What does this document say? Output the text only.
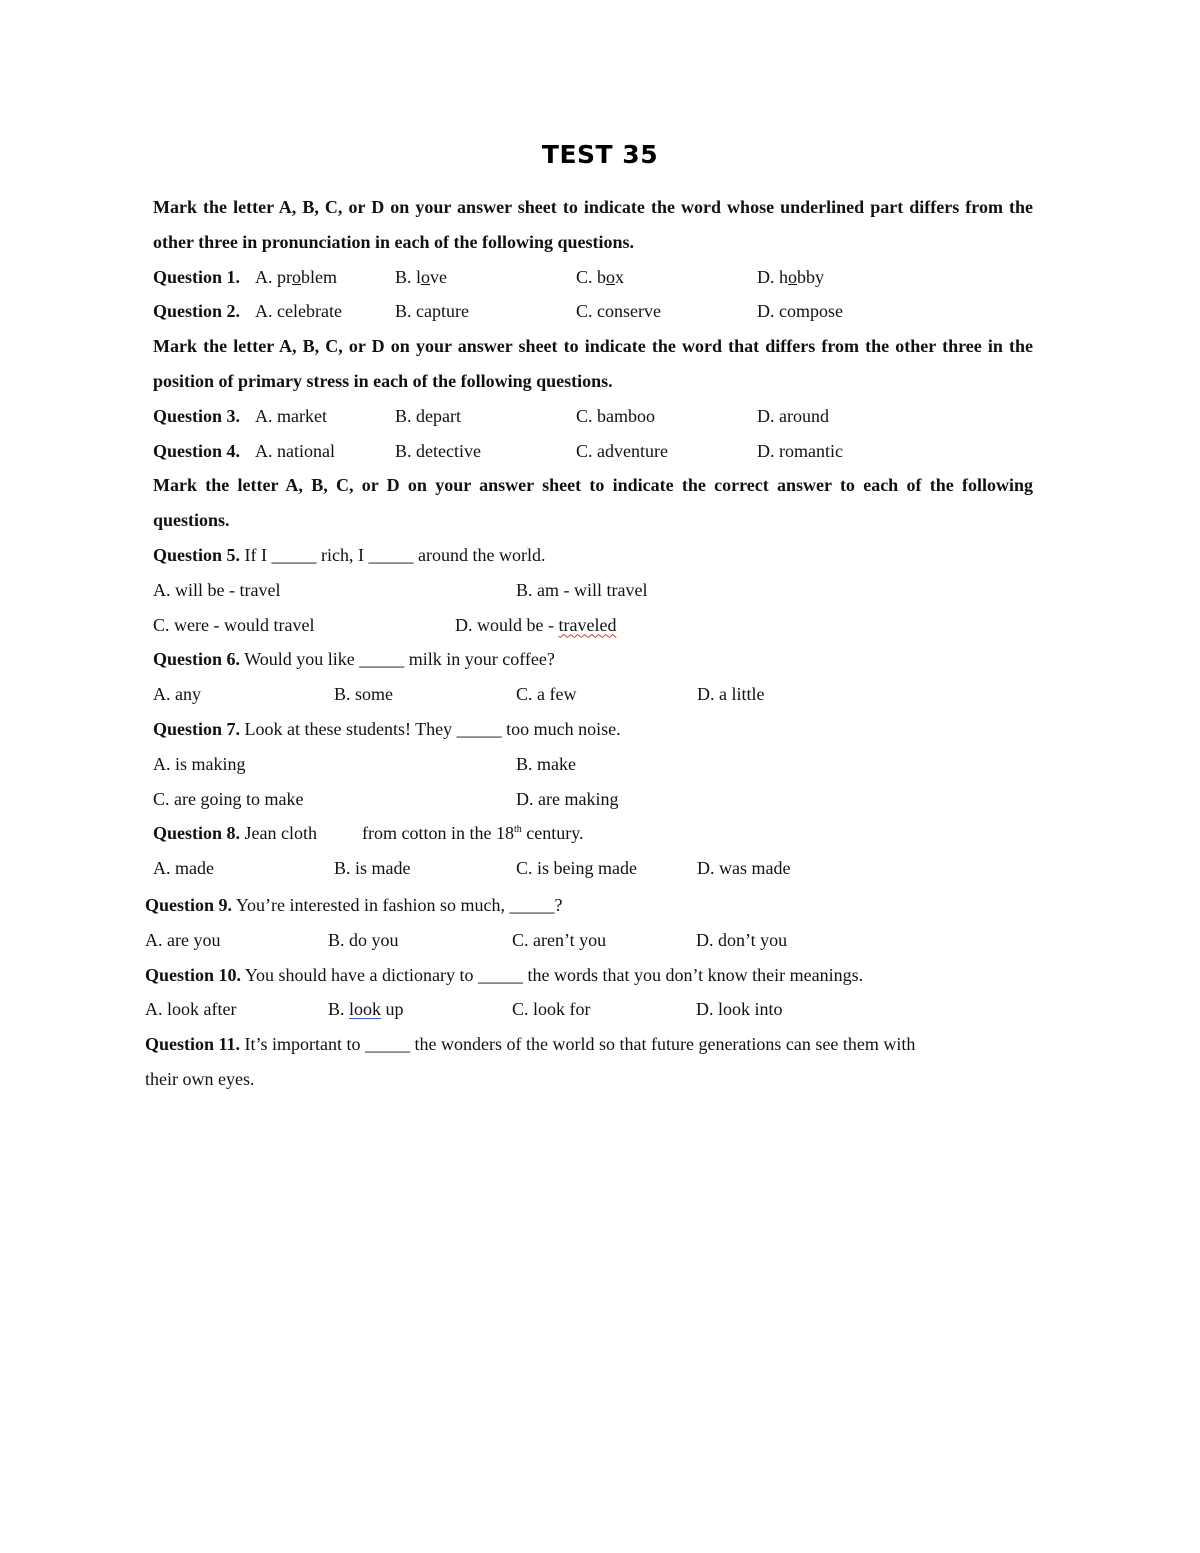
TEST 35
Mark the letter A, B, C, or D on your answer sheet to indicate the word whose underlined part differs from the other three in pronunciation in each of the following questions.
Question 1. A. problem	B. love	C. box	D. hobby
Question 2. A. celebrate	B. capture	C. conserve	D. compose
Mark the letter A, B, C, or D on your answer sheet to indicate the word that differs from the other three in the position of primary stress in each of the following questions.
Question 3. A. market	B. depart	C. bamboo	D. around
Question 4. A. national	B. detective	C. adventure	D. romantic
Mark the letter A, B, C, or D on your answer sheet to indicate the correct answer to each of the following questions.
Question 5. If I _____ rich, I _____ around the world.
A. will be - travel	B. am - will travel
C. were - would travel	D. would be - traveled
Question 6. Would you like _____ milk in your coffee?
A. any	B. some	C. a few	D. a little
Question 7. Look at these students! They _____ too much noise.
A. is making	B. make
C. are going to make	D. are making
Question 8. Jean cloth          from cotton in the 18th century.
A. made	B. is made	C. is being made	D. was made
Question 9. You’re interested in fashion so much, _____?
A. are you	B. do you	C. aren’t you	D. don’t you
Question 10. You should have a dictionary to _____ the words that you don’t know their meanings.
A. look after	B. look up	C. look for	D. look into
Question 11. It’s important to _____ the wonders of the world so that future generations can see them with
their own eyes.
